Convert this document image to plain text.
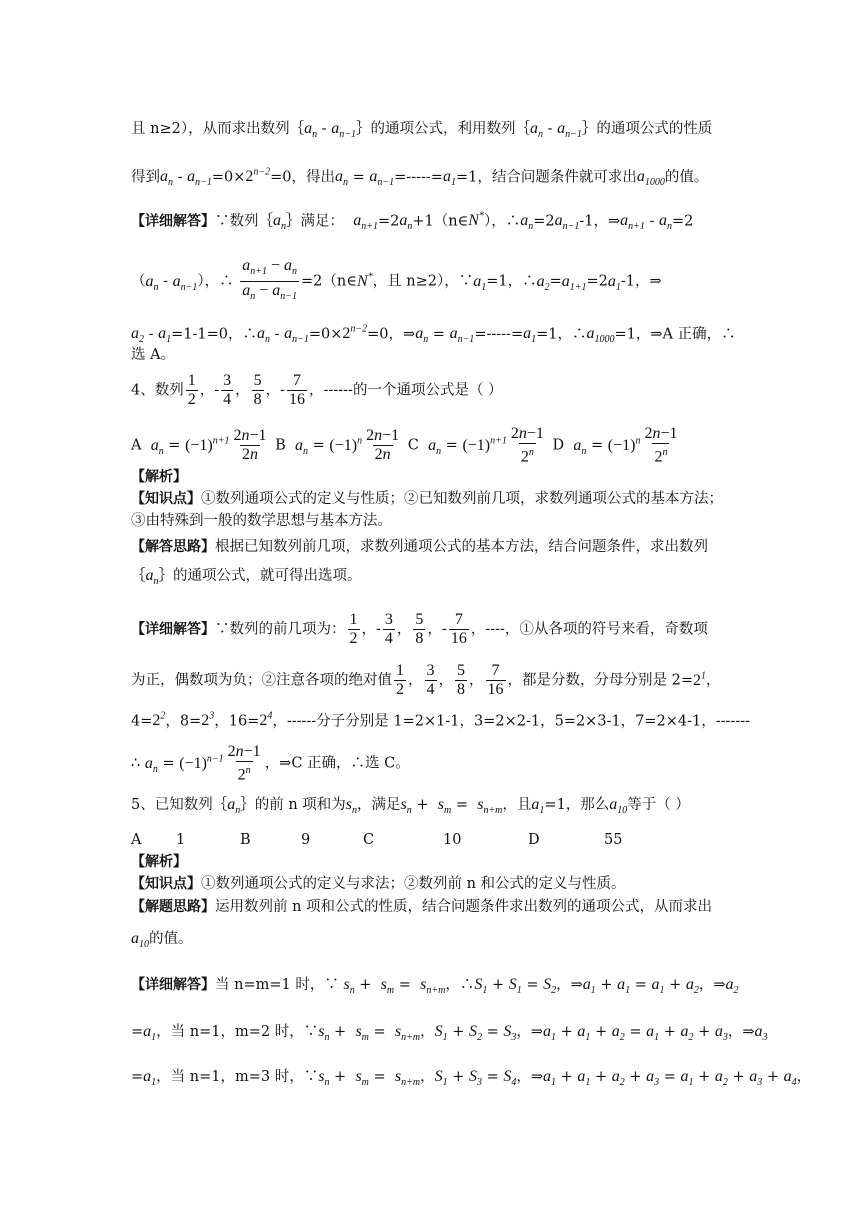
且 n≥2），从而求出数列$\{a_n$ - $a_{n-1}\}$的通项公式，利用数列$\{a_n$ - $a_{n-1}\}$的通项公式的性质
得到$a_n - a_{n-1}=0\times 2^{n-2}=0$，得出$a_n = a_{n-1}=-----=a_1=1$，结合问题条件就可求出$a_{1000}$的值。
【详细解答】∵数列$\{a_n\}$满足： $a_{n+1}=2a_n+1(n\in N^*)$，$\therefore a_n=2a_{n-1}-1$，$\Rightarrow a_{n+1} - a_n=2$
$(a_n - a_{n-1})$，∴ $\frac{a_{n+1} - a_n}{a_n - a_{n-1}}$ =2（n∈N*，且 n≥2），$\because a_1=1$，$\therefore a_2=a_{1+1}=2a_1-1$，⇒
$a_2 - a_1=1-1=0$，$\therefore a_n - a_{n-1}=0\times 2^{n-2}=0$，$\Rightarrow a_n = a_{n-1}=-----=a_1=1$，$\therefore a_{1000}=1$，⇒A 正确，∴
选 A。
4、数列 $\frac{1}{2}$ ，- $\frac{3}{4}$ ， $\frac{5}{8}$ ，- $\frac{7}{16}$ ，------的一个通项公式是（ ）
A $a_n = (-1)^{n+1} \frac{2n-1}{2n}$ B $a_n = (-1)^n \frac{2n-1}{2n}$ C $a_n = (-1)^{n+1} \frac{2n-1}{2^n}$ D $a_n = (-1)^n \frac{2n-1}{2^n}$
【解析】
【知识点】①数列通项公式的定义与性质；②已知数列前几项，求数列通项公式的基本方法；
③由特殊到一般的数学思想与基本方法。
【解答思路】根据已知数列前几项，求数列通项公式的基本方法，结合问题条件，求出数列
$\{a_n\}$的通项公式，就可得出选项。
【详细解答】∵数列的前几项为： $\frac{1}{2}$ ，- $\frac{3}{4}$ ， $\frac{5}{8}$ ，- $\frac{7}{16}$ ，----，①从各项的符号来看，奇数项
为正，偶数项为负；②注意各项的绝对值 $\frac{1}{2}$ ， $\frac{3}{4}$ ， $\frac{5}{8}$ ， $\frac{7}{16}$ ，都是分数，分母分别是 $2=2^1$，
$4=2^2$，$8=2^3$，$16=2^4$，------分子分别是 1=2×1-1，3=2×2-1，5=2×3-1，7=2×4-1，-------
∴ $a_n = (-1)^{n-1} \frac{2n-1}{2^n}$ ，⇒C 正确，∴选 C。
5、已知数列$\{a_n\}$的前 n 项和为$s_n$，满足$s_n + s_m = s_{n+m}$，且$a_1=1$，那么$a_{10}$等于（ ）
A 1	B	9	C	10	D	55
【解析】
【知识点】①数列通项公式的定义与求法；②数列前 n 和公式的定义与性质。
【解题思路】运用数列前 n 项和公式的性质，结合问题条件求出数列的通项公式，从而求出
$a_{10}$的值。
【详细解答】当 n=m=1 时，∵ $s_n + s_m = s_{n+m}$，$\therefore S_1 + S_1 = S_2$，$\Rightarrow a_1 + a_1 = a_1 + a_2$，$\Rightarrow a_2$
$=a_1$，当 n=1，m=2 时，$\because s_n + s_m = s_{n+m}$，$S_1 + S_2 = S_3$，$\Rightarrow a_1 + a_1 + a_2 = a_1 + a_2 + a_3$，$\Rightarrow a_3$
$=a_1$，当 n=1，m=3 时，$\because s_n + s_m = s_{n+m}$，$S_1 + S_3 = S_4$，$\Rightarrow a_1 + a_1 + a_2 + a_3 = a_1 + a_2 + a_3 + a_4$，
